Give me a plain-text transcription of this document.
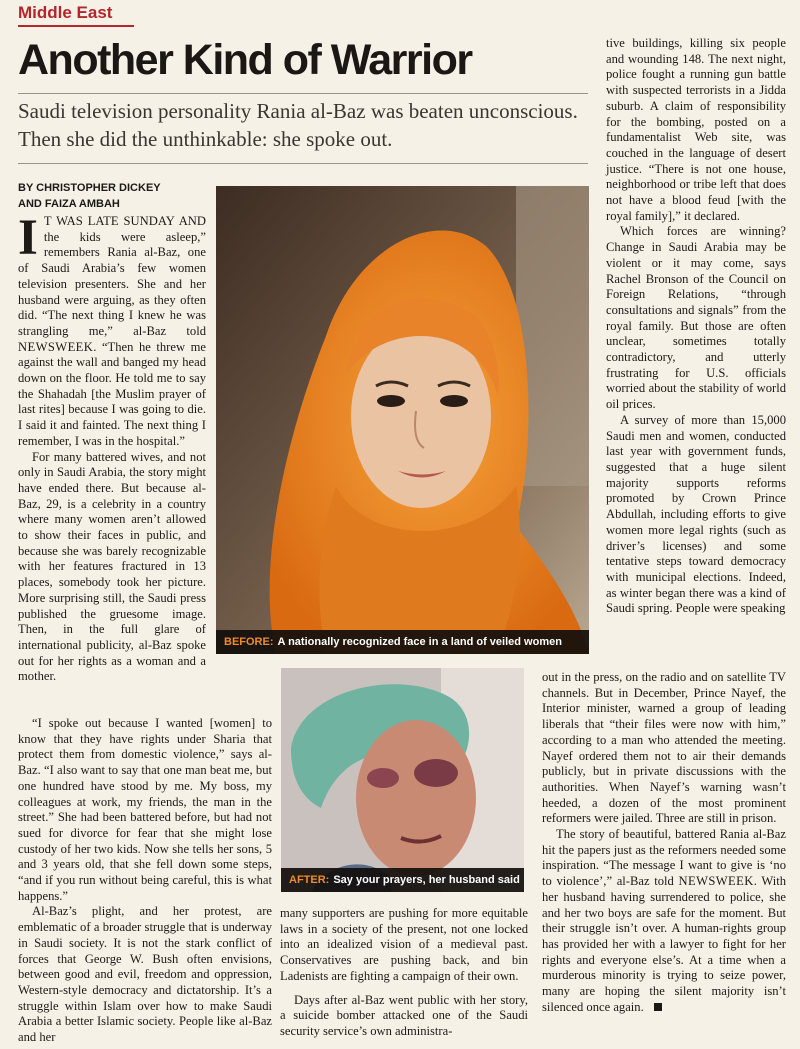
Middle East
Another Kind of Warrior

Saudi television personality Rania al-Baz was beaten unconscious. Then she did the unthinkable: she spoke out.

BY CHRISTOPHER DICKEY
AND FAIZA AMBAH

I T WAS LATE SUNDAY AND the kids were asleep,” remembers Rania al-Baz, one of Saudi Arabia’s few women television presenters. She and her husband were arguing, as they often did. “The next thing I knew he was strangling me,” al-Baz told NEWSWEEK. “Then he threw me against the wall and banged my head down on the floor. He told me to say the Shahadah [the Muslim prayer of last rites] because I was going to die. I said it and fainted. The next thing I remember, I was in the hospital.”

For many battered wives, and not only in Saudi Arabia, the story might have ended there. But because al-Baz, 29, is a celebrity in a country where many women aren’t allowed to show their faces in public, and because she was barely recognizable with her features fractured in 13 places, somebody took her picture. More surprising still, the Saudi press published the gruesome image. Then, in the full glare of international publicity, al-Baz spoke out for her rights as a woman and a mother.

“I spoke out because I wanted [women] to know that they have rights under Sharia that protect them from domestic violence,” says al-Baz. “I also want to say that one man beat me, but one hundred have stood by me. My boss, my colleagues at work, my friends, the man in the street.” She had been battered before, but had not sued for divorce for fear that she might lose custody of her two kids. Now she tells her sons, 5 and 3 years old, that she fell down some steps, “and if you run without being careful, this is what happens.”

Al-Baz’s plight, and her protest, are emblematic of a broader struggle that is underway in Saudi society. It is not the stark conflict of forces that George W. Bush often envisions, between good and evil, freedom and oppression, Western-style democracy and dictatorship. It’s a struggle within Islam over how to make Saudi Arabia a better Islamic society. People like al-Baz and her

BEFORE: A nationally recognized face in a land of veiled women
AFTER: Say your prayers, her husband said

many supporters are pushing for more equitable laws in a society of the present, not one locked into an idealized vision of a medieval past. Conservatives are pushing back, and bin Ladenists are fighting a campaign of their own.

Days after al-Baz went public with her story, a suicide bomber attacked one of the Saudi security service’s own administra-

tive buildings, killing six people and wounding 148. The next night, police fought a running gun battle with suspected terrorists in a Jidda suburb. A claim of responsibility for the bombing, posted on a fundamentalist Web site, was couched in the language of desert justice. “There is not one house, neighborhood or tribe left that does not have a blood feud [with the royal family],” it declared.

Which forces are winning? Change in Saudi Arabia may be violent or it may come, says Rachel Bronson of the Council on Foreign Relations, “through consultations and signals” from the royal family. But those are often unclear, sometimes totally contradictory, and utterly frustrating for U.S. officials worried about the stability of world oil prices.

A survey of more than 15,000 Saudi men and women, conducted last year with government funds, suggested that a huge silent majority supports reforms promoted by Crown Prince Abdullah, including efforts to give women more legal rights (such as driver’s licenses) and some tentative steps toward democracy with municipal elections. Indeed, as winter began there was a kind of Saudi spring. People were speaking

out in the press, on the radio and on satellite TV channels. But in December, Prince Nayef, the Interior minister, warned a group of leading liberals that “their files were now with him,” according to a man who attended the meeting. Nayef ordered them not to air their demands publicly, but in private discussions with the authorities. When Nayef’s warning wasn’t heeded, a dozen of the most prominent reformers were jailed. Three are still in prison.

The story of beautiful, battered Rania al-Baz hit the papers just as the reformers needed some inspiration. “The message I want to give is ‘no to violence’,” al-Baz told NEWSWEEK. With her husband having surrendered to police, she and her two boys are safe for the moment. But their struggle isn’t over. A human-rights group has provided her with a lawyer to fight for her rights and everyone else’s. At a time when a murderous minority is trying to seize power, many are hoping the silent majority isn’t silenced once again.
